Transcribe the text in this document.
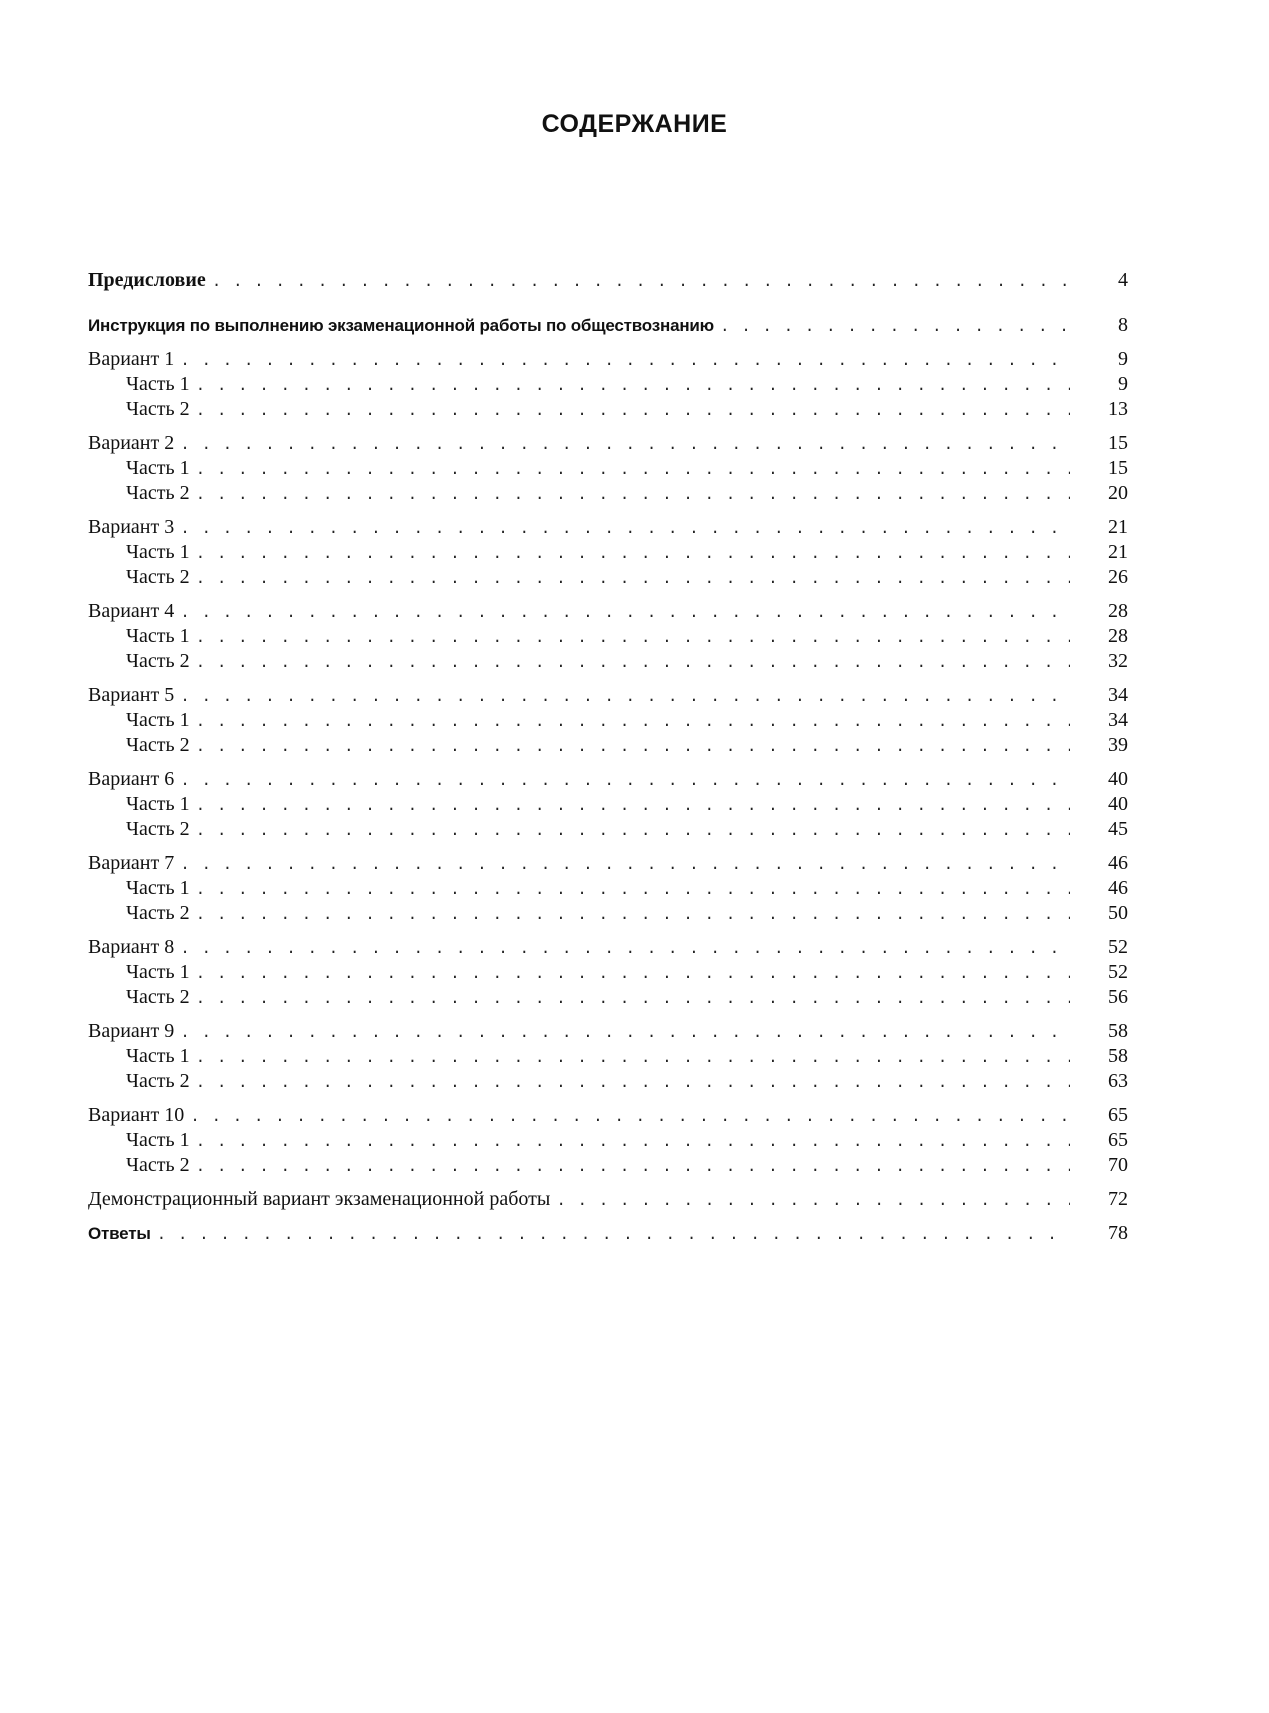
СОДЕРЖАНИЕ
Предисловие . . .	4
Инструкция по выполнению экзаменационной работы по обществознанию . . .	8
Вариант 1 . . .	9
Часть 1 . . .	9
Часть 2 . . .	13
Вариант 2 . . .	15
Часть 1 . . .	15
Часть 2 . . .	20
Вариант 3 . . .	21
Часть 1 . . .	21
Часть 2 . . .	26
Вариант 4 . . .	28
Часть 1 . . .	28
Часть 2 . . .	32
Вариант 5 . . .	34
Часть 1 . . .	34
Часть 2 . . .	39
Вариант 6 . . .	40
Часть 1 . . .	40
Часть 2 . . .	45
Вариант 7 . . .	46
Часть 1 . . .	46
Часть 2 . . .	50
Вариант 8 . . .	52
Часть 1 . . .	52
Часть 2 . . .	56
Вариант 9 . . .	58
Часть 1 . . .	58
Часть 2 . . .	63
Вариант 10 . . .	65
Часть 1 . . .	65
Часть 2 . . .	70
Демонстрационный вариант экзаменационной работы . . .	72
Ответы . . .	78
